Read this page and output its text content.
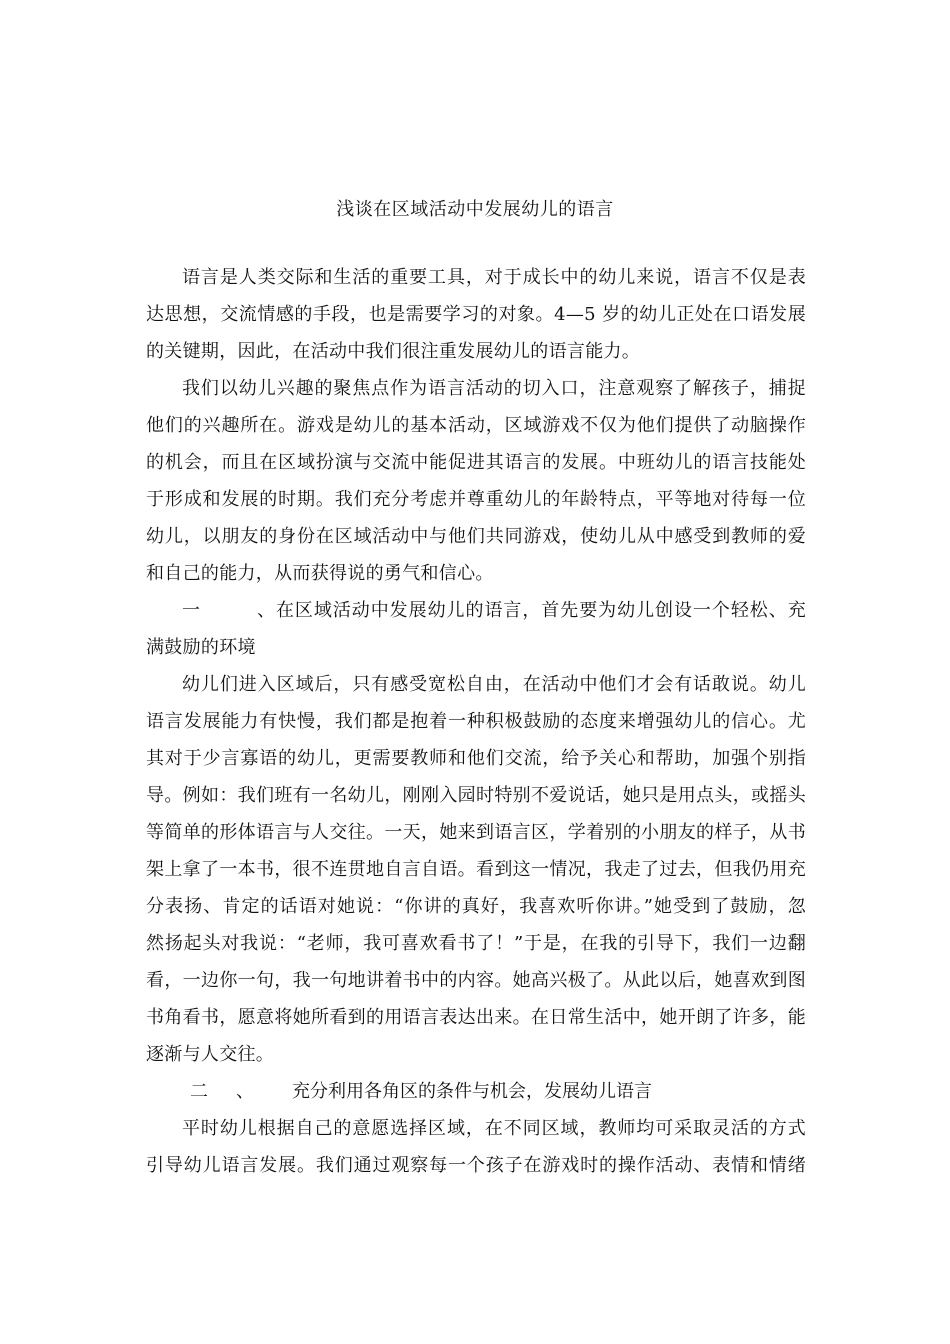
浅谈在区域活动中发展幼儿的语言
语言是人类交际和生活的重要工具，对于成长中的幼儿来说，语言不仅是表
达思想，交流情感的手段，也是需要学习的对象。4—5 岁的幼儿正处在口语发展
的关键期，因此，在活动中我们很注重发展幼儿的语言能力。
我们以幼儿兴趣的聚焦点作为语言活动的切入口，注意观察了解孩子，捕捉
他们的兴趣所在。游戏是幼儿的基本活动，区域游戏不仅为他们提供了动脑操作
的机会，而且在区域扮演与交流中能促进其语言的发展。中班幼儿的语言技能处
于形成和发展的时期。我们充分考虑并尊重幼儿的年龄特点，平等地对待每一位
幼儿，以朋友的身份在区域活动中与他们共同游戏，使幼儿从中感受到教师的爱
和自己的能力，从而获得说的勇气和信心。
一	、在区域活动中发展幼儿的语言，首先要为幼儿创设一个轻松、充
满鼓励的环境
幼儿们进入区域后，只有感受宽松自由，在活动中他们才会有话敢说。幼儿
语言发展能力有快慢，我们都是抱着一种积极鼓励的态度来增强幼儿的信心。尤
其对于少言寡语的幼儿，更需要教师和他们交流，给予关心和帮助，加强个别指
导。例如：我们班有一名幼儿，刚刚入园时特别不爱说话，她只是用点头，或摇头
等简单的形体语言与人交往。一天，她来到语言区，学着别的小朋友的样子，从书
架上拿了一本书，很不连贯地自言自语。看到这一情况，我走了过去，但我仍用充
分表扬、肯定的话语对她说：“你讲的真好，我喜欢听你讲。”她受到了鼓励，忽
然扬起头对我说：“老师，我可喜欢看书了！”于是，在我的引导下，我们一边翻
看，一边你一句，我一句地讲着书中的内容。她高兴极了。从此以后，她喜欢到图
书角看书，愿意将她所看到的用语言表达出来。在日常生活中，她开朗了许多，能
逐渐与人交往。
二 、 充分利用各角区的条件与机会，发展幼儿语言
平时幼儿根据自己的意愿选择区域，在不同区域，教师均可采取灵活的方式
引导幼儿语言发展。我们通过观察每一个孩子在游戏时的操作活动、表情和情绪
